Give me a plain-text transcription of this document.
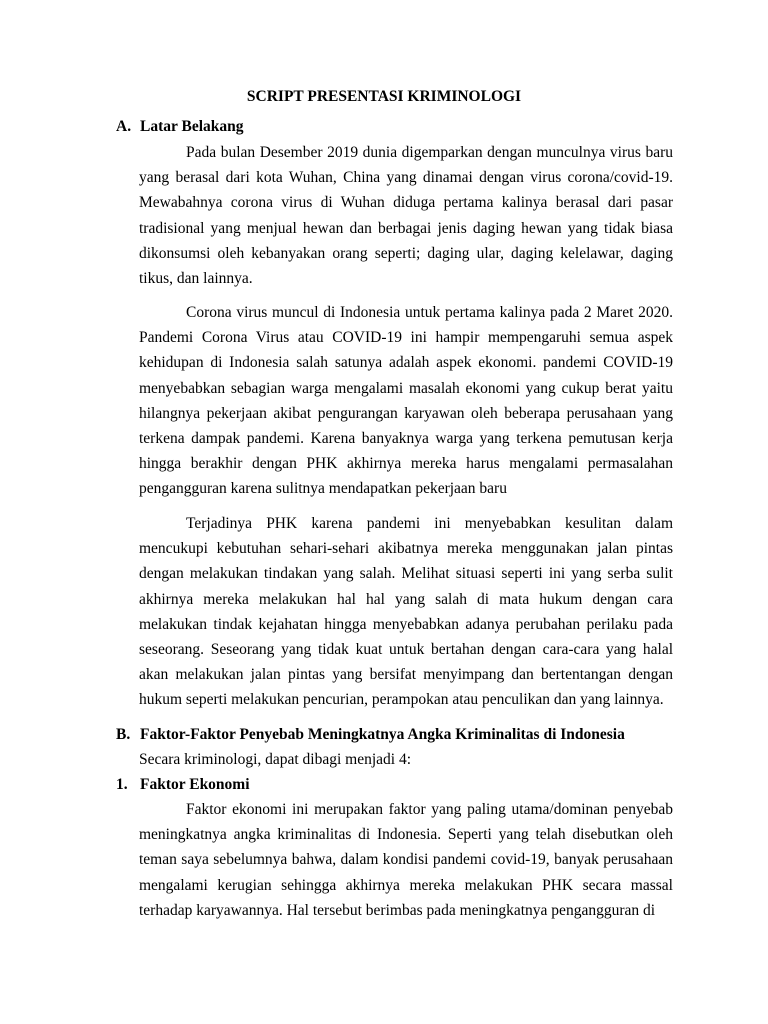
SCRIPT PRESENTASI KRIMINOLOGI
A. Latar Belakang

Pada bulan Desember 2019 dunia digemparkan dengan munculnya virus baru yang berasal dari kota Wuhan, China yang dinamai dengan virus corona/covid-19. Mewabahnya corona virus di Wuhan diduga pertama kalinya berasal dari pasar tradisional yang menjual hewan dan berbagai jenis daging hewan yang tidak biasa dikonsumsi oleh kebanyakan orang seperti; daging ular, daging kelelawar, daging tikus, dan lainnya.

Corona virus muncul di Indonesia untuk pertama kalinya pada 2 Maret 2020. Pandemi Corona Virus atau COVID-19 ini hampir mempengaruhi semua aspek kehidupan di Indonesia salah satunya adalah aspek ekonomi. pandemi COVID-19 menyebabkan sebagian warga mengalami masalah ekonomi yang cukup berat yaitu hilangnya pekerjaan akibat pengurangan karyawan oleh beberapa perusahaan yang terkena dampak pandemi. Karena banyaknya warga yang terkena pemutusan kerja hingga berakhir dengan PHK akhirnya mereka harus mengalami permasalahan pengangguran karena sulitnya mendapatkan pekerjaan baru

Terjadinya PHK karena pandemi ini menyebabkan kesulitan dalam mencukupi kebutuhan sehari-sehari akibatnya mereka menggunakan jalan pintas dengan melakukan tindakan yang salah. Melihat situasi seperti ini yang serba sulit akhirnya mereka melakukan hal hal yang salah di mata hukum dengan cara melakukan tindak kejahatan hingga menyebabkan adanya perubahan perilaku pada seseorang. Seseorang yang tidak kuat untuk bertahan dengan cara-cara yang halal akan melakukan jalan pintas yang bersifat menyimpang dan bertentangan dengan hukum seperti melakukan pencurian, perampokan atau penculikan dan yang lainnya.

B. Faktor-Faktor Penyebab Meningkatnya Angka Kriminalitas di Indonesia
Secara kriminologi, dapat dibagi menjadi 4:
1. Faktor Ekonomi

Faktor ekonomi ini merupakan faktor yang paling utama/dominan penyebab meningkatnya angka kriminalitas di Indonesia. Seperti yang telah disebutkan oleh teman saya sebelumnya bahwa, dalam kondisi pandemi covid-19, banyak perusahaan mengalami kerugian sehingga akhirnya mereka melakukan PHK secara massal terhadap karyawannya. Hal tersebut berimbas pada meningkatnya pengangguran di
